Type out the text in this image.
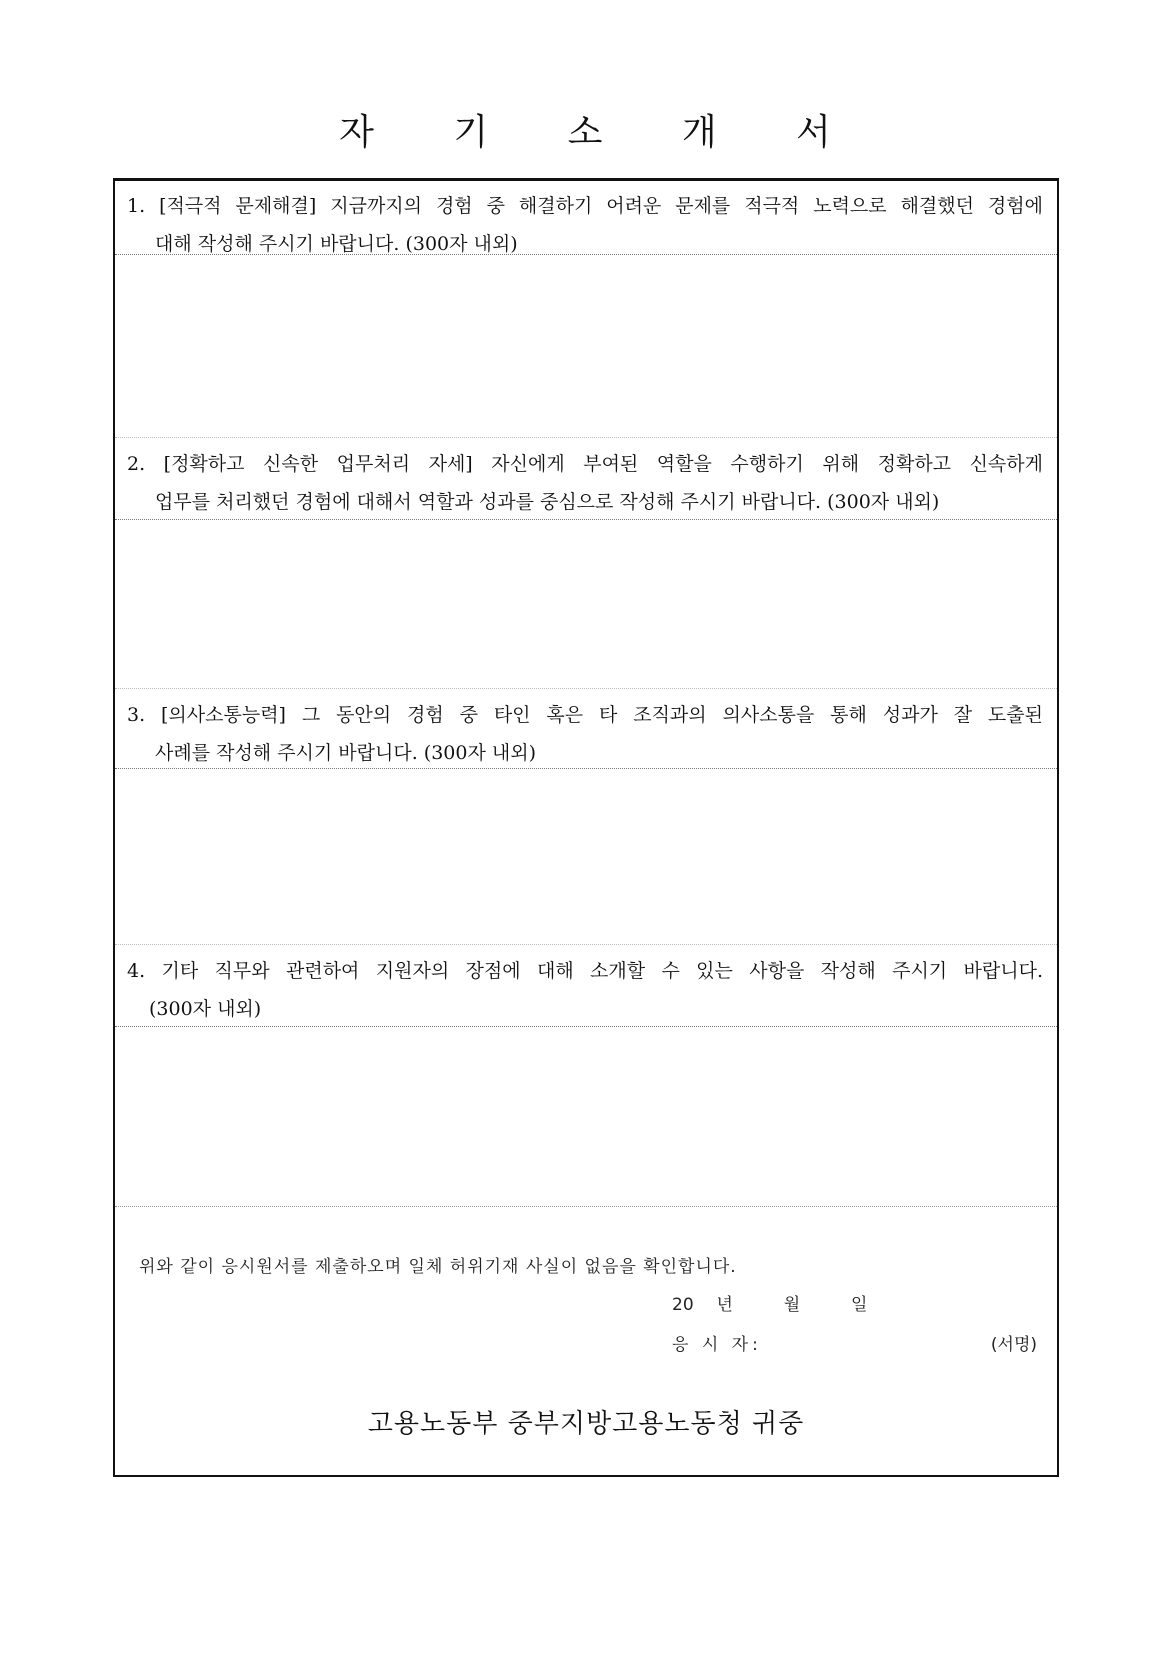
자 기 소 개 서
1. [적극적 문제해결] 지금까지의 경험 중 해결하기 어려운 문제를 적극적 노력으로 해결했던 경험에
대해 작성해 주시기 바랍니다. (300자 내외)
2. [정확하고 신속한 업무처리 자세] 자신에게 부여된 역할을 수행하기 위해 정확하고 신속하게
업무를 처리했던 경험에 대해서 역할과 성과를 중심으로 작성해 주시기 바랍니다. (300자 내외)
3. [의사소통능력] 그 동안의 경험 중 타인 혹은 타 조직과의 의사소통을 통해 성과가 잘 도출된
사례를 작성해 주시기 바랍니다. (300자 내외)
4. 기타 직무와 관련하여 지원자의 장점에 대해 소개할 수 있는 사항을 작성해 주시기 바랍니다.
(300자 내외)
위와 같이 응시원서를 제출하오며 일체 허위기재 사실이 없음을 확인합니다.
20 년	월	일
응 시 자:	(서명)
고용노동부 중부지방고용노동청 귀중
